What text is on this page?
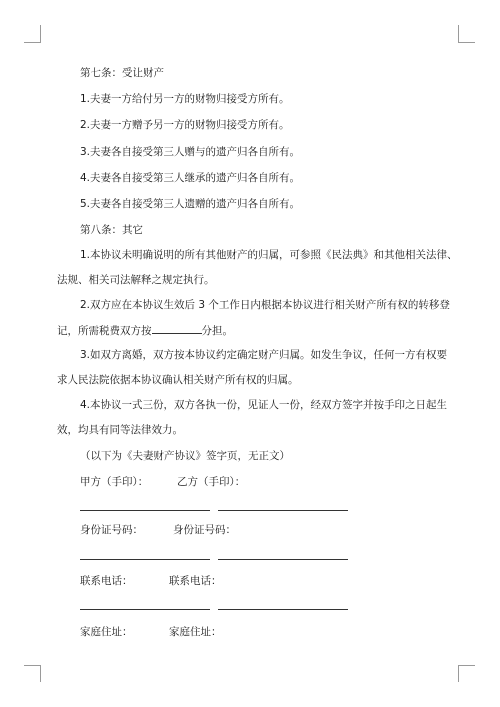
第七条：受让财产
1.夫妻一方给付另一方的财物归接受方所有。
2.夫妻一方赠予另一方的财物归接受方所有。
3.夫妻各自接受第三人赠与的遗产归各自所有。
4.夫妻各自接受第三人继承的遗产归各自所有。
5.夫妻各自接受第三人遗赠的遗产归各自所有。
第八条：其它
1.本协议未明确说明的所有其他财产的归属，可参照《民法典》和其他相关法律、
法规、相关司法解释之规定执行。
2.双方应在本协议生效后 3 个工作日内根据本协议进行相关财产所有权的转移登
记，所需税费双方按	分担。
3.如双方离婚，双方按本协议约定确定财产归属。如发生争议，任何一方有权要
求人民法院依据本协议确认相关财产所有权的归属。
4.本协议一式三份，双方各执一份，见证人一份，经双方签字并按手印之日起生
效，均具有同等法律效力。
（以下为《夫妻财产协议》签字页，无正文）
甲方（手印）：	乙方（手印）：
身份证号码：	身份证号码：
联系电话：	联系电话：
家庭住址：	家庭住址：
